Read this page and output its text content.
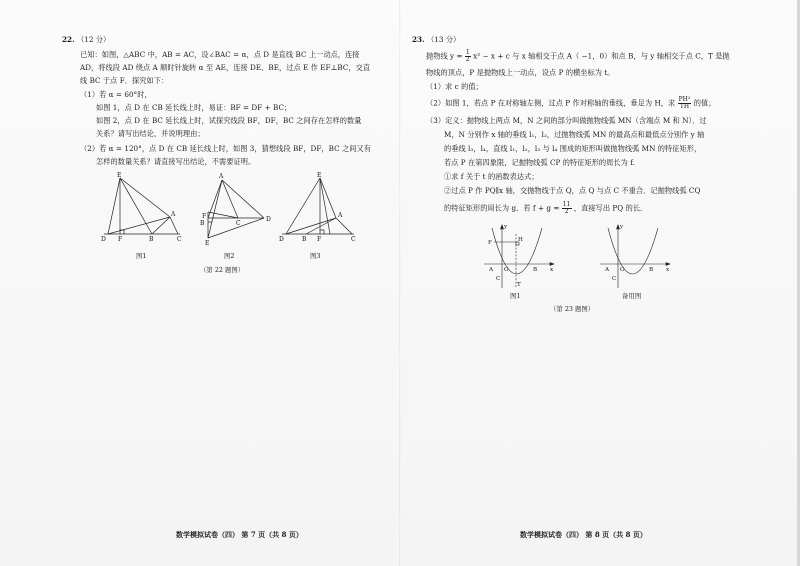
22. （12 分）
已知：如图，△ABC 中，AB = AC，设∠BAC = α，点 D 是直线 BC 上一动点，连接
AD，将线段 AD 绕点 A 顺时针旋转 α 至 AE，连接 DE、BE，过点 E 作 EF⊥BC，交直
线 BC 于点 F．探究如下：
（1）若 α = 60°时，
如图 1，点 D 在 CB 延长线上时，易证：BF = DF + BC；
如图 2，点 D 在 BC 延长线上时，试探究线段 BF，DF，BC 之间存在怎样的数量
关系？请写出结论，并说明理由；
（2）若 α = 120°，点 D 在 CB 延长线上时，如图 3，猜想线段 BF，DF，BC 之间又有
怎样的数量关系？请直接写出结论，不需要证明。
E
A
D F	B	C
图1
A
F
B	C
D
E
图2
E
A
D	F
B	C
图3
（第 22 题图）
数学模拟试卷（四） 第 7 页（共 8 页）
23. （13 分）
抛物线 $y = \frac{1}{2} x^2 - x + c$ 与 x 轴相交于点 A（ −1，0）和点 B，与 y 轴相交于点 C，T 是抛
物线的顶点，P 是抛物线上一动点，设点 P 的横坐标为 t。
（1）求 c 的值；
（2）如图 1，若点 P 在对称轴左侧，过点 P 作对称轴的垂线，垂足为 H，求 $\frac{\text{PH²}}{TH}$ 的值；
（3）定义：抛物线上两点 M，N 之间的部分叫做抛物线弧 MN（含端点 M 和 N）．过
M，N 分别作 x 轴的垂线 l₁，l₂，过抛物线弧 MN 的最高点和最低点分别作 y 轴
的垂线 l₃，l₄，直线 l₁，l₂，l₃ 与 l₄ 围成的矩形叫做抛物线弧 MN 的特征矩形，
若点 P 在第四象限，记抛物线弧 CP 的特征矩形的周长为 f.
①求 f 关于 t 的函数表达式；
②过点 P 作 PQ∥x 轴，交抛物线于点 Q，点 Q 与点 C 不重合．记抛物线弧 CQ
的特征矩形的周长为 g．若 $f + g = \frac{11}{2}$ ，直接写出 PQ 的长．
y
F	H
A O	B x
C
T
图1
y
A O	B x
C
备用图
（第 23 题图）
数学模拟试卷（四） 第 8 页（共 8 页）
